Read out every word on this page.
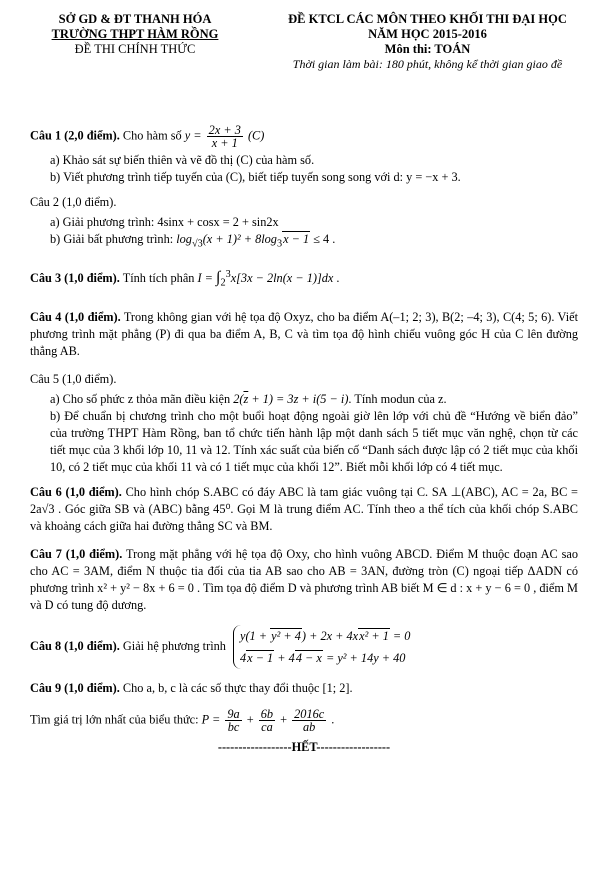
SỞ GD & ĐT THANH HÓA
TRƯỜNG THPT HÀM RỒNG
ĐỀ THI CHÍNH THỨC
ĐỀ KTCL CÁC MÔN THEO KHỐI THI ĐẠI HỌC
NĂM HỌC 2015-2016
Môn thi: TOÁN
Thời gian làm bài: 180 phút, không kể thời gian giao đề
Câu 1 (2,0 điểm). Cho hàm số $y = \frac{2x + 3}{x + 1} (C)$
a) Khảo sát sự biến thiên và vẽ đồ thị (C) của hàm số.
b) Viết phương trình tiếp tuyến của (C), biết tiếp tuyến song song với d: y = −x + 3.
Câu 2 (1,0 điểm).
a) Giải phương trình: 4sinx + cosx = 2 + sin2x
b) Giải bất phương trình: $\log_{√3}(x + 1)^2 + 8\log_3x - 1 \le 4$ .
Câu 3 (1,0 điểm). Tính tích phân $I = \int_2^3x[3x - 2\ln(x - 1)]dx$ .
Câu 4 (1,0 điểm). Trong không gian với hệ tọa độ Oxyz, cho ba điểm A(–1; 2; 3), B(2; –4; 3), C(4; 5; 6). Viết phương trình mặt phẳng (P) đi qua ba điểm A, B, C và tìm tọa độ hình chiếu vuông góc H của C lên đường thẳng AB.
Câu 5 (1,0 điểm).
a) Cho số phức z thỏa mãn điều kiện $2(\overline{z} + 1) = 3z + i(5 - i)$. Tính modun của z.
b) Để chuẩn bị chương trình cho một buổi hoạt động ngoài giờ lên lớp với chủ đề “Hướng về biển đảo” của trường THPT Hàm Rồng, ban tổ chức tiến hành lập một danh sách 5 tiết mục văn nghệ, chọn từ các tiết mục của 3 khối lớp 10, 11 và 12. Tính xác suất của biến cố “Danh sách được lập có 2 tiết mục của khối 10, có 2 tiết mục của khối 11 và có 1 tiết mục của khối 12”. Biết mỗi khối lớp có 4 tiết mục.
Câu 6 (1,0 điểm). Cho hình chóp S.ABC có đáy ABC là tam giác vuông tại C. SA ⊥(ABC), AC = 2a, BC = 2a√3 . Góc giữa SB và (ABC) bằng 45⁰. Gọi M là trung điểm AC. Tính theo a thể tích của khối chóp S.ABC và khoảng cách giữa hai đường thẳng SC và BM.
Câu 7 (1,0 điểm). Trong mặt phẳng với hệ tọa độ Oxy, cho hình vuông ABCD. Điểm M thuộc đoạn AC sao cho AC = 3AM, điểm N thuộc tia đối của tia AB sao cho AB = 3AN, đường tròn (C) ngoại tiếp ΔADN có phương trình x² + y² − 8x + 6 = 0 . Tìm tọa độ điểm D và phương trình AB biết M ∈ d : x + y − 6 = 0 , điểm M và D có tung độ dương.
Câu 8 (1,0 điểm). Giải hệ phương trình y(1 + y² + 4) + 2x + 4xx² + 1 = 0
4x − 1 + 44 − x = y² + 14y + 40
Câu 9 (1,0 điểm). Cho a, b, c là các số thực thay đổi thuộc [1; 2].
Tìm giá trị lớn nhất của biểu thức: $P = \frac{9a}{bc} + \frac{6b}{ca} + \frac{2016c}{ab}$ .
------------------HẾT------------------
